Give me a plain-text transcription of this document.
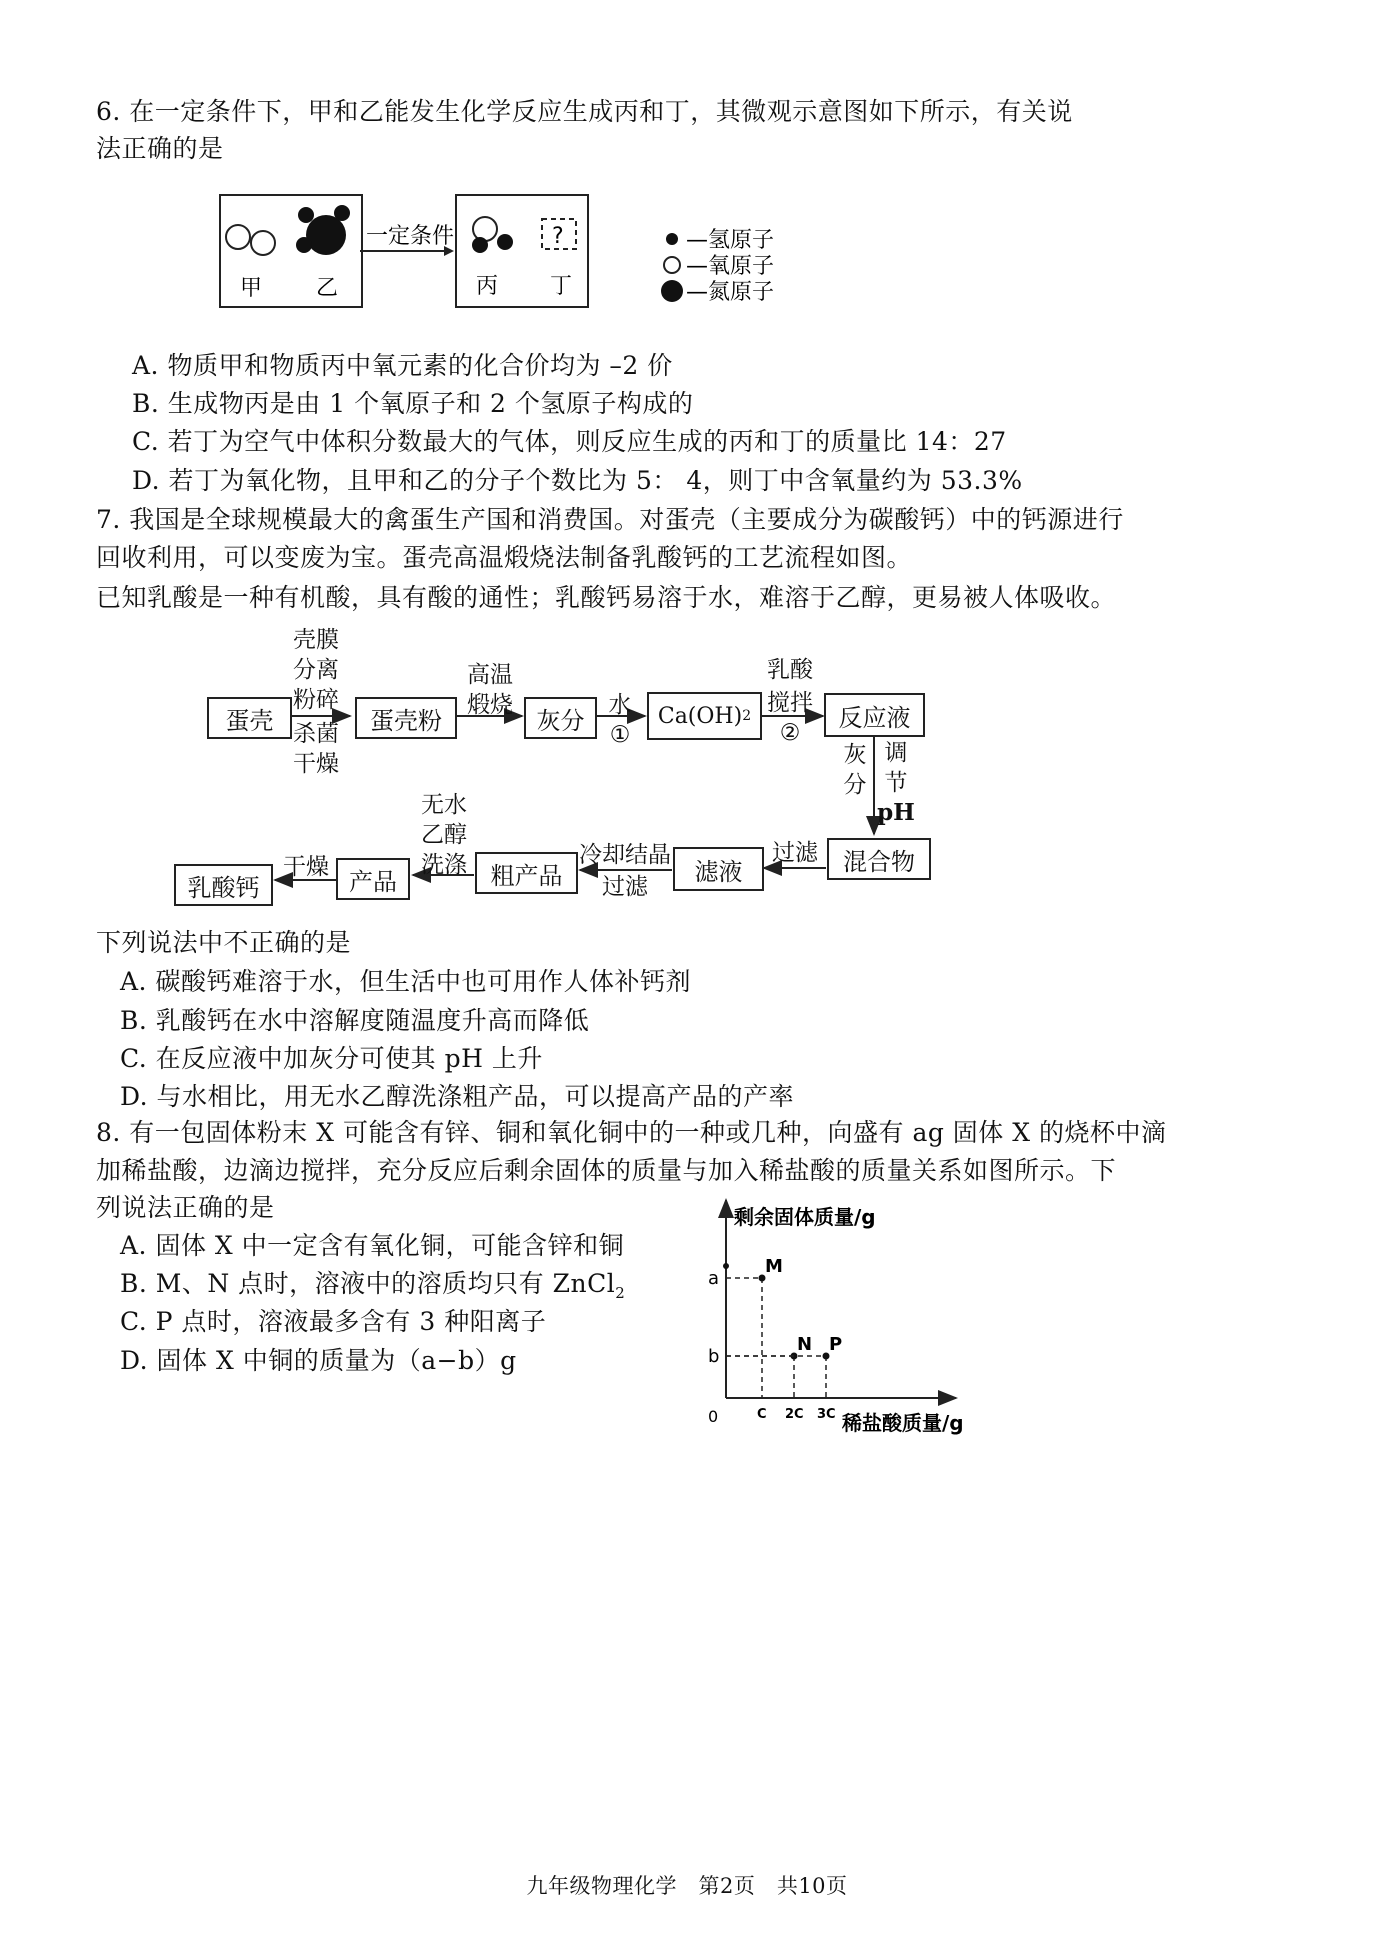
6. 在一定条件下，甲和乙能发生化学反应生成丙和丁，其微观示意图如下所示，有关说
法正确的是
甲 乙
一定条件	?
丙 丁
—氢原子
—氧原子
—氮原子
A. 物质甲和物质丙中氧元素的化合价均为 –2 价
B. 生成物丙是由 1 个氧原子和 2 个氢原子构成的
C. 若丁为空气中体积分数最大的气体，则反应生成的丙和丁的质量比 14：27
D. 若丁为氧化物，且甲和乙的分子个数比为 5： 4，则丁中含氧量约为 53.3%
7. 我国是全球规模最大的禽蛋生产国和消费国。对蛋壳（主要成分为碳酸钙）中的钙源进行
回收利用，可以变废为宝。蛋壳高温煅烧法制备乳酸钙的工艺流程如图。
已知乳酸是一种有机酸，具有酸的通性；乳酸钙易溶于水，难溶于乙醇，更易被人体吸收。
蛋壳	蛋壳粉	灰分	Ca(OH) 2	反应液
混合物
滤液
粗产品
产品
乳酸钙
壳膜
分离
粉碎
杀菌
干燥
高温
煅烧	水
①
乳酸
搅拌
②
灰
分
调
节
pH
过滤
冷却结晶
过滤
无水
乙醇
洗涤
干燥
下列说法中不正确的是
A. 碳酸钙难溶于水，但生活中也可用作人体补钙剂
B. 乳酸钙在水中溶解度随温度升高而降低
C. 在反应液中加灰分可使其 pH 上升
D. 与水相比，用无水乙醇洗涤粗产品，可以提高产品的产率
8. 有一包固体粉末 X 可能含有锌、铜和氧化铜中的一种或几种，向盛有 ag 固体 X 的烧杯中滴
加稀盐酸，边滴边搅拌，充分反应后剩余固体的质量与加入稀盐酸的质量关系如图所示。下
列说法正确的是
A. 固体 X 中一定含有氧化铜，可能含锌和铜
B. M、N 点时，溶液中的溶质均只有 ZnCl$_2$
C. P 点时，溶液最多含有 3 种阳离子
D. 固体 X 中铜的质量为（a−b）g
剩余固体质量/g
稀盐酸质量/g
0
a
b
C 2C 3C
M
N P
九年级物理化学　第2页　共10页
